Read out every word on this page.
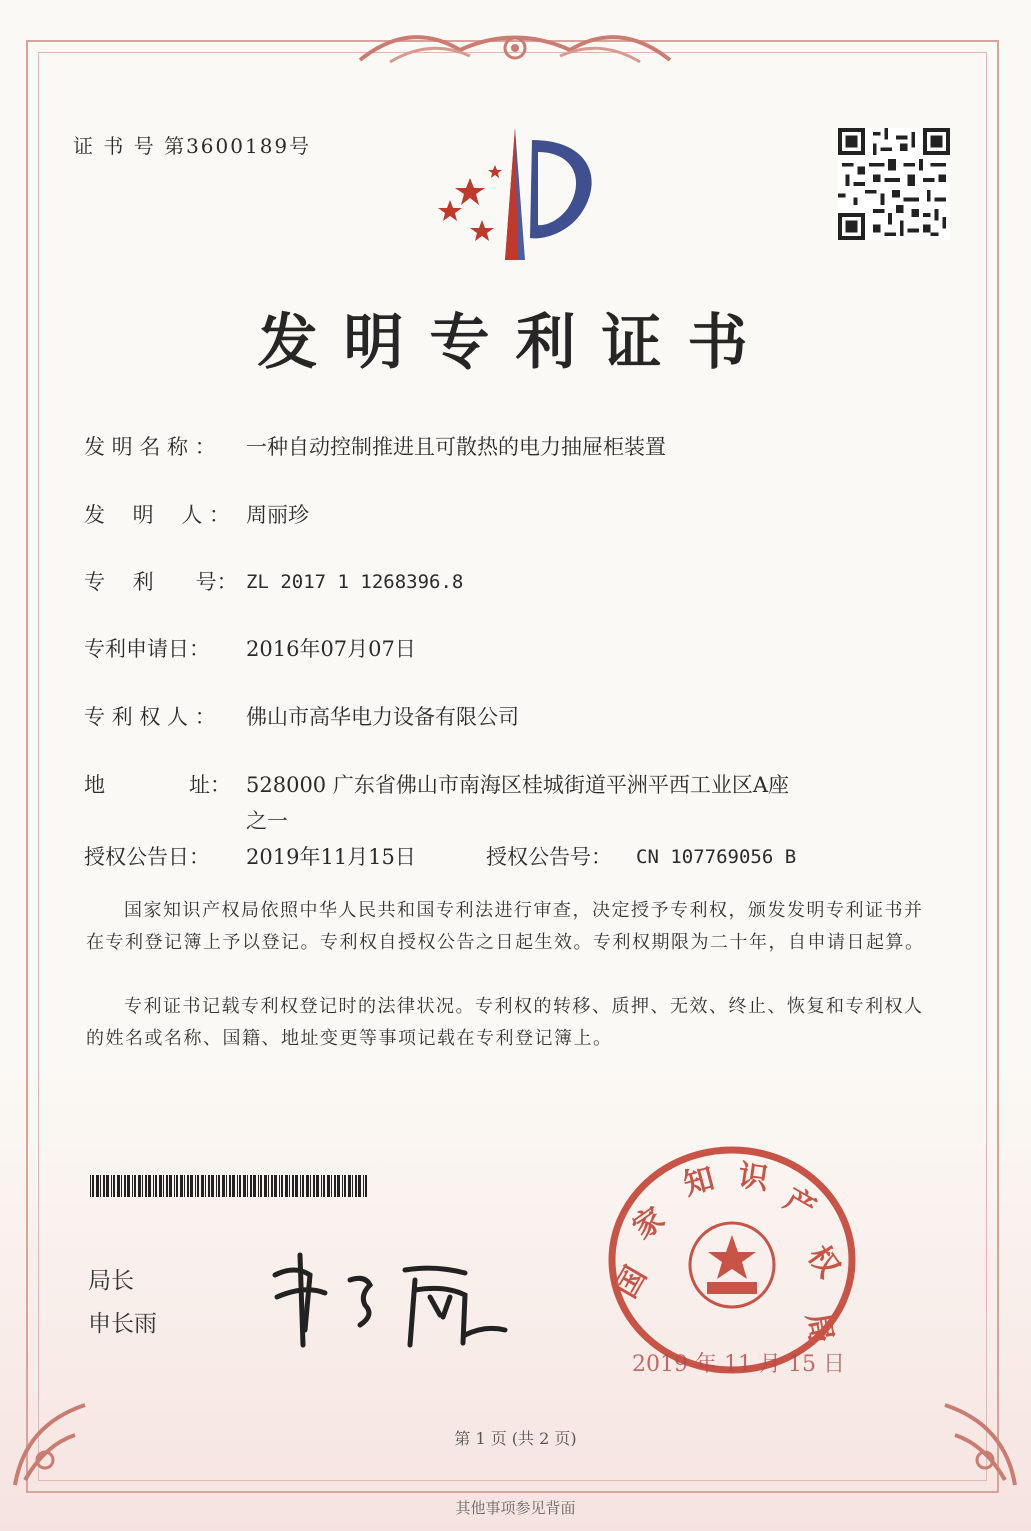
证 书 号 第3600189号
发明专利证书
发 明 名 称 ：	一种自动控制推进且可散热的电力抽屉柜装置
发　 明　 人 ： 周丽珍
专　 利　　号： ZL 2017 1 1268396.8
专利申请日：	2016年07月07日
专 利 权 人 ：	佛山市高华电力设备有限公司
地　　　　址： 528000 广东省佛山市南海区桂城街道平洲平西工业区A座
之一
授权公告日：	2019年11月15日	授权公告号：	CN 107769056 B
国家知识产权局依照中华人民共和国专利法进行审查，决定授予专利权，颁发发明专利证书并在专利登记簿上予以登记。专利权自授权公告之日起生效。专利权期限为二十年，自申请日起算。
专利证书记载专利权登记时的法律状况。专利权的转移、质押、无效、终止、恢复和专利权人的姓名或名称、国籍、地址变更等事项记载在专利登记簿上。
局长
申长雨
国
家
知 识
产
权
局
2019 年 11 月 15 日
第 1 页 (共 2 页)
其他事项参见背面
